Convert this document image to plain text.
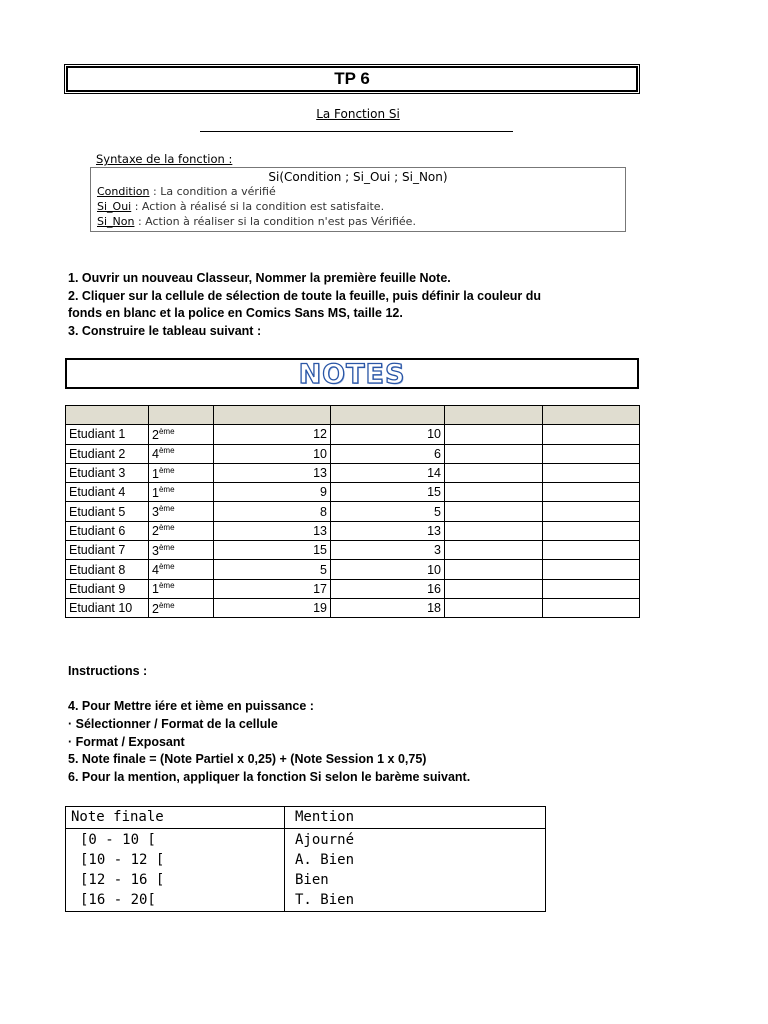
TP 6
La Fonction Si
Syntaxe de la fonction :
Si(Condition ; Si_Oui ; Si_Non)
Condition : La condition a vérifié
Si_Oui : Action à réalisé si la condition est satisfaite.
Si_Non : Action à réaliser si la condition n'est pas Vérifiée.
1. Ouvrir un nouveau Classeur, Nommer la première feuille Note.
2. Cliquer sur la cellule de sélection de toute la feuille, puis définir la couleur du
fonds en blanc et la police en Comics Sans MS, taille 12.
3. Construire le tableau suivant :
NOTES

Etudiant 1	2ème	12	10		
Etudiant 2	4ème	10	6		
Etudiant 3	1ème	13	14		
Etudiant 4	1ème	9	15		
Etudiant 5	3ème	8	5		
Etudiant 6	2ème	13	13		
Etudiant 7	3ème	15	3		
Etudiant 8	4ème	5	10		
Etudiant 9	1ème	17	16		
Etudiant 10	2ème	19	18		
Instructions :
4. Pour Mettre iére et ième en puissance :
· Sélectionner / Format de la cellule
· Format / Exposant
5. Note finale = (Note Partiel x 0,25) + (Note Session 1 x 0,75)
6. Pour la mention, appliquer la fonction Si selon le barème suivant.
Note finale	Mention
[0 - 10 [	Ajourné
[10 - 12 [	A. Bien
[12 - 16 [	Bien
[16 - 20[	T. Bien
